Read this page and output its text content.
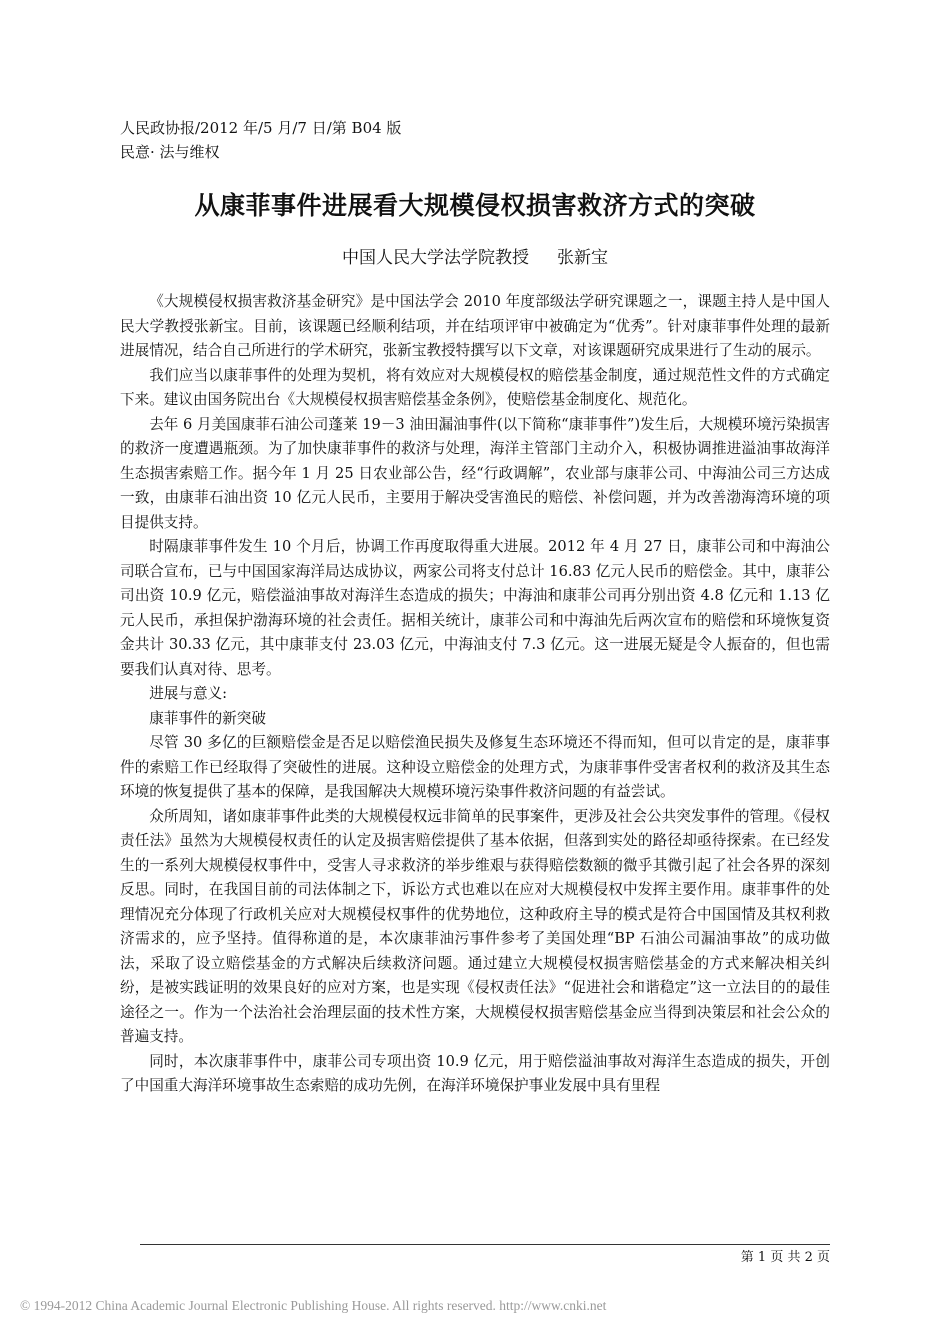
人民政协报/2012 年/5 月/7 日/第 B04 版
民意· 法与维权
从康菲事件进展看大规模侵权损害救济方式的突破
中国人民大学法学院教授 张新宝

《大规模侵权损害救济基金研究》是中国法学会 2010 年度部级法学研究课题之一，课题主持人是中国人民大学教授张新宝。目前，该课题已经顺利结项，并在结项评审中被确定为“优秀”。针对康菲事件处理的最新进展情况，结合自己所进行的学术研究，张新宝教授特撰写以下文章，对该课题研究成果进行了生动的展示。

我们应当以康菲事件的处理为契机，将有效应对大规模侵权的赔偿基金制度，通过规范性文件的方式确定下来。建议由国务院出台《大规模侵权损害赔偿基金条例》，使赔偿基金制度化、规范化。

去年 6 月美国康菲石油公司蓬莱 19－3 油田漏油事件(以下简称“康菲事件”)发生后，大规模环境污染损害的救济一度遭遇瓶颈。为了加快康菲事件的救济与处理，海洋主管部门主动介入，积极协调推进溢油事故海洋生态损害索赔工作。据今年 1 月 25 日农业部公告，经“行政调解”，农业部与康菲公司、中海油公司三方达成一致，由康菲石油出资 10 亿元人民币，主要用于解决受害渔民的赔偿、补偿问题，并为改善渤海湾环境的项目提供支持。

时隔康菲事件发生 10 个月后，协调工作再度取得重大进展。2012 年 4 月 27 日，康菲公司和中海油公司联合宣布，已与中国国家海洋局达成协议，两家公司将支付总计 16.83 亿元人民币的赔偿金。其中，康菲公司出资 10.9 亿元，赔偿溢油事故对海洋生态造成的损失；中海油和康菲公司再分别出资 4.8 亿元和 1.13 亿元人民币，承担保护渤海环境的社会责任。据相关统计，康菲公司和中海油先后两次宣布的赔偿和环境恢复资金共计 30.33 亿元，其中康菲支付 23.03 亿元，中海油支付 7.3 亿元。这一进展无疑是令人振奋的，但也需要我们认真对待、思考。

进展与意义:

康菲事件的新突破

尽管 30 多亿的巨额赔偿金是否足以赔偿渔民损失及修复生态环境还不得而知，但可以肯定的是，康菲事件的索赔工作已经取得了突破性的进展。这种设立赔偿金的处理方式，为康菲事件受害者权利的救济及其生态环境的恢复提供了基本的保障，是我国解决大规模环境污染事件救济问题的有益尝试。

众所周知，诸如康菲事件此类的大规模侵权远非简单的民事案件，更涉及社会公共突发事件的管理。《侵权责任法》虽然为大规模侵权责任的认定及损害赔偿提供了基本依据，但落到实处的路径却亟待探索。在已经发生的一系列大规模侵权事件中，受害人寻求救济的举步维艰与获得赔偿数额的微乎其微引起了社会各界的深刻反思。同时，在我国目前的司法体制之下，诉讼方式也难以在应对大规模侵权中发挥主要作用。康菲事件的处理情况充分体现了行政机关应对大规模侵权事件的优势地位，这种政府主导的模式是符合中国国情及其权利救济需求的，应予坚持。值得称道的是，本次康菲油污事件参考了美国处理“BP 石油公司漏油事故”的成功做法，采取了设立赔偿基金的方式解决后续救济问题。通过建立大规模侵权损害赔偿基金的方式来解决相关纠纷，是被实践证明的效果良好的应对方案，也是实现《侵权责任法》“促进社会和谐稳定”这一立法目的的最佳途径之一。作为一个法治社会治理层面的技术性方案，大规模侵权损害赔偿基金应当得到决策层和社会公众的普遍支持。

同时，本次康菲事件中，康菲公司专项出资 10.9 亿元，用于赔偿溢油事故对海洋生态造成的损失，开创了中国重大海洋环境事故生态索赔的成功先例，在海洋环境保护事业发展中具有里程

第 1 页 共 2 页
© 1994-2012 China Academic Journal Electronic Publishing House. All rights reserved. http://www.cnki.net
